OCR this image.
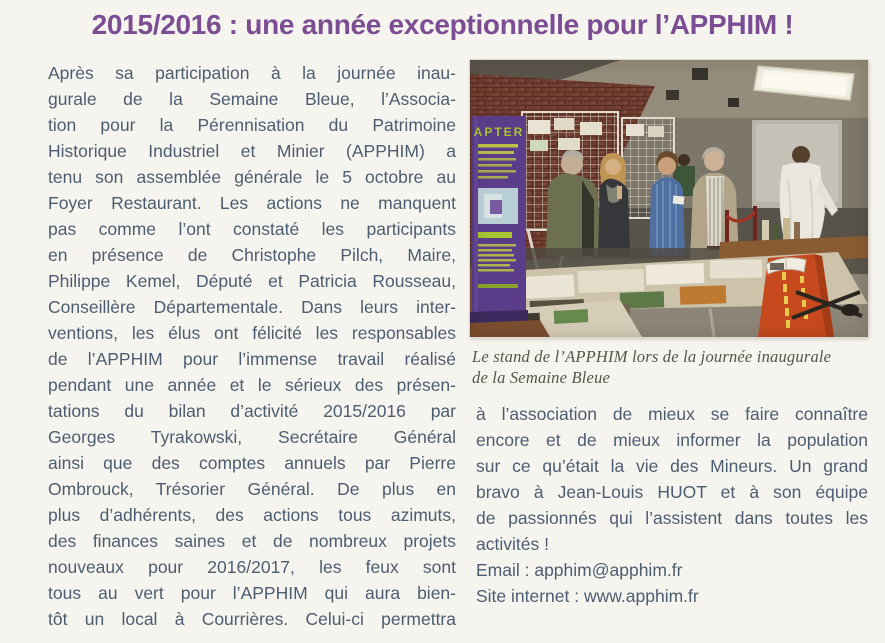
2015/2016 : une année exceptionnelle pour l’APPHIM !
Après sa participation à la journée inau-
gurale de la Semaine Bleue, l’Associa-
tion pour la Pérennisation du Patrimoine
Historique Industriel et Minier (APPHIM) a
tenu son assemblée générale le 5 octobre au
Foyer Restaurant. Les actions ne manquent
pas comme l’ont constaté les participants
en présence de Christophe Pilch, Maire,
Philippe Kemel, Député et Patricia Rousseau,
Conseillère Départementale. Dans leurs inter-
ventions, les élus ont félicité les responsables
de l’APPHIM pour l’immense travail réalisé
pendant une année et le sérieux des présen-
tations du bilan d’activité 2015/2016 par
Georges Tyrakowski, Secrétaire Général
ainsi que des comptes annuels par Pierre
Ombrouck, Trésorier Général. De plus en
plus d’adhérents, des actions tous azimuts,
des finances saines et de nombreux projets
nouveaux pour 2016/2017, les feux sont
tous au vert pour l’APPHIM qui aura bien-
tôt un local à Courrières. Celui-ci permettra
APTER
Le stand de l’APPHIM lors de la journée inaugurale
de la Semaine Bleue
à l’association de mieux se faire connaître
encore et de mieux informer la population
sur ce qu’était la vie des Mineurs. Un grand
bravo à Jean-Louis HUOT et à son équipe
de passionnés qui l’assistent dans toutes les
activités !
Email : apphim@apphim.fr
Site internet : www.apphim.fr
